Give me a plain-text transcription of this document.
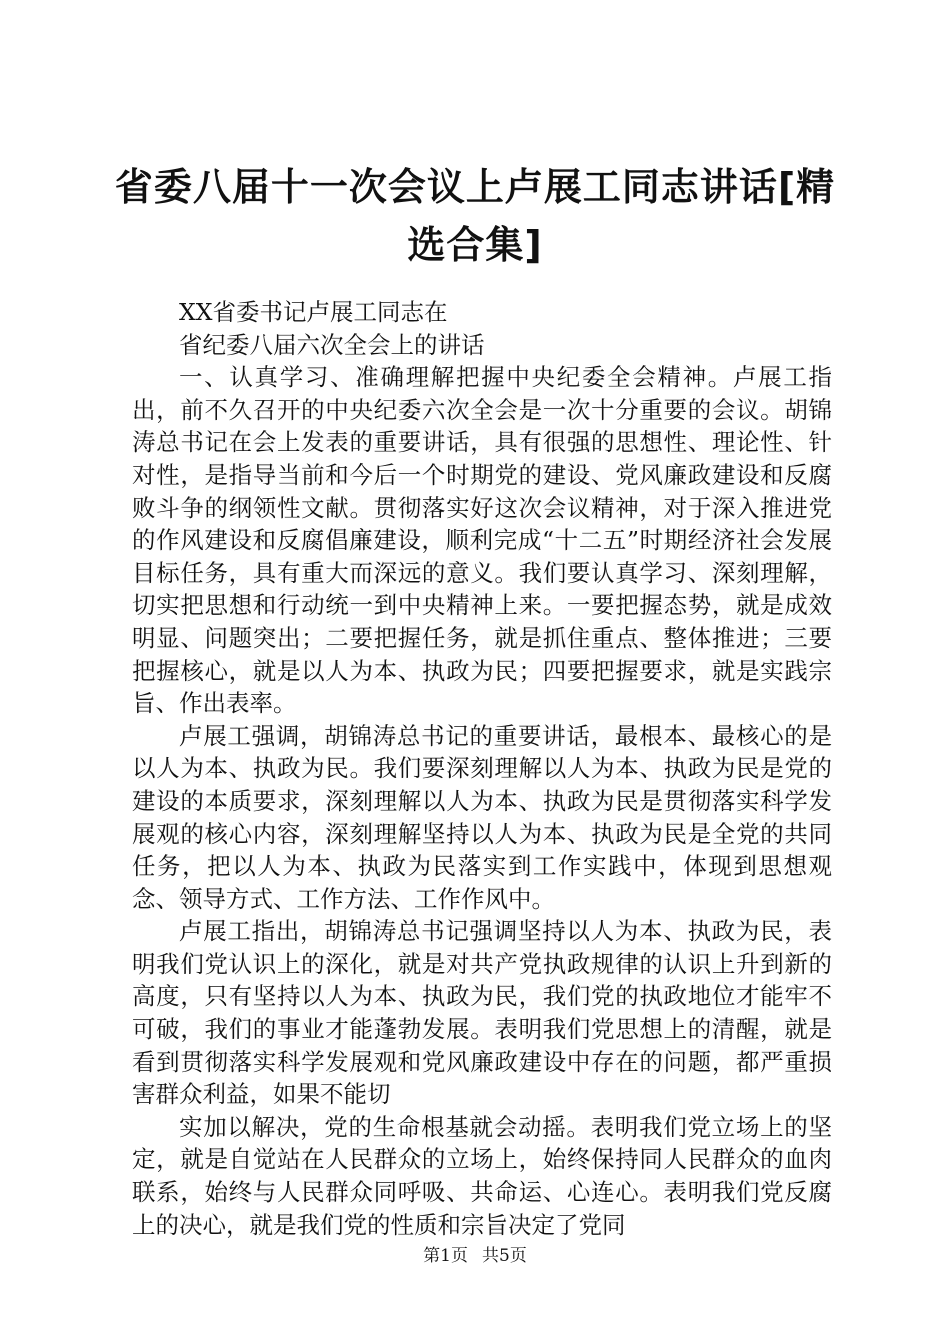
省委八届十一次会议上卢展工同志讲话[精选合集]

XX省委书记卢展工同志在

省纪委八届六次全会上的讲话

一、认真学习、准确理解把握中央纪委全会精神。卢展工指出，前不久召开的中央纪委六次全会是一次十分重要的会议。胡锦涛总书记在会上发表的重要讲话，具有很强的思想性、理论性、针对性，是指导当前和今后一个时期党的建设、党风廉政建设和反腐败斗争的纲领性文献。贯彻落实好这次会议精神，对于深入推进党的作风建设和反腐倡廉建设，顺利完成“十二五”时期经济社会发展目标任务，具有重大而深远的意义。我们要认真学习、深刻理解，切实把思想和行动统一到中央精神上来。一要把握态势，就是成效明显、问题突出；二要把握任务，就是抓住重点、整体推进；三要把握核心，就是以人为本、执政为民；四要把握要求，就是实践宗旨、作出表率。

卢展工强调，胡锦涛总书记的重要讲话，最根本、最核心的是以人为本、执政为民。我们要深刻理解以人为本、执政为民是党的建设的本质要求，深刻理解以人为本、执政为民是贯彻落实科学发展观的核心内容，深刻理解坚持以人为本、执政为民是全党的共同任务，把以人为本、执政为民落实到工作实践中，体现到思想观念、领导方式、工作方法、工作作风中。

卢展工指出，胡锦涛总书记强调坚持以人为本、执政为民，表明我们党认识上的深化，就是对共产党执政规律的认识上升到新的高度，只有坚持以人为本、执政为民，我们党的执政地位才能牢不可破，我们的事业才能蓬勃发展。表明我们党思想上的清醒，就是看到贯彻落实科学发展观和党风廉政建设中存在的问题，都严重损害群众利益，如果不能切

实加以解决，党的生命根基就会动摇。表明我们党立场上的坚定，就是自觉站在人民群众的立场上，始终保持同人民群众的血肉联系，始终与人民群众同呼吸、共命运、心连心。表明我们党反腐上的决心，就是我们党的性质和宗旨决定了党同

第1页 共5页
